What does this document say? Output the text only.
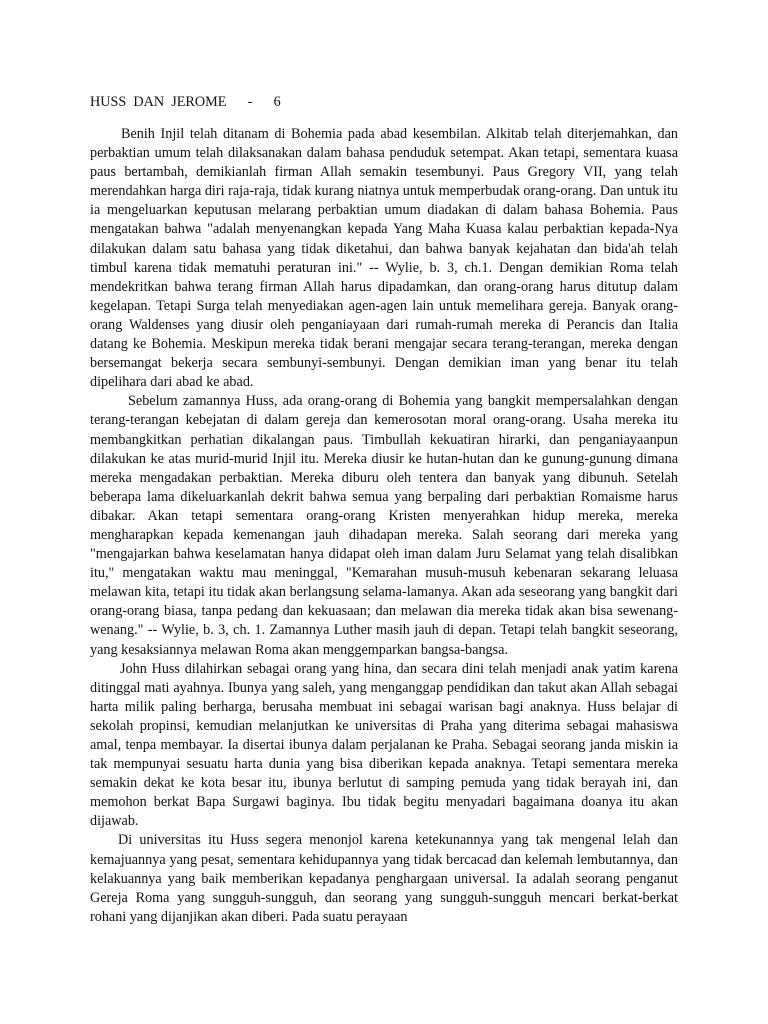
HUSS  DAN  JEROME - 6

Benih Injil telah ditanam di Bohemia pada abad kesembilan. Alkitab telah diterjemahkan, dan perbaktian umum telah dilaksanakan dalam bahasa penduduk setempat. Akan tetapi, sementara kuasa paus bertambah, demikianlah firman Allah semakin tesembunyi. Paus Gregory VII, yang telah merendahkan harga diri raja-raja, tidak kurang niatnya untuk memperbudak orang-orang. Dan untuk itu ia mengeluarkan keputusan melarang perbaktian umum diadakan di dalam bahasa Bohemia. Paus mengatakan bahwa "adalah menyenangkan kepada Yang Maha Kuasa kalau perbaktian kepada-Nya dilakukan dalam satu bahasa yang tidak diketahui, dan bahwa banyak kejahatan dan bida'ah telah timbul karena tidak mematuhi peraturan ini." -- Wylie, b. 3, ch.1. Dengan demikian Roma telah mendekritkan bahwa terang firman Allah harus dipadamkan, dan orang-orang harus ditutup dalam kegelapan. Tetapi Surga telah menyediakan agen-agen lain untuk memelihara gereja. Banyak orang-orang Waldenses yang diusir oleh penganiayaan dari rumah-rumah mereka di Perancis dan Italia datang ke Bohemia. Meskipun mereka tidak berani mengajar secara terang-terangan, mereka dengan bersemangat bekerja secara sembunyi-sembunyi. Dengan demikian iman yang benar itu telah dipelihara dari abad ke abad.

Sebelum zamannya Huss, ada orang-orang di Bohemia yang bangkit mempersalahkan dengan terang-terangan kebejatan di dalam gereja dan kemerosotan moral orang-orang. Usaha mereka itu membangkitkan perhatian dikalangan paus. Timbullah kekuatiran hirarki, dan penganiayaanpun dilakukan ke atas murid-murid Injil itu. Mereka diusir ke hutan-hutan dan ke gunung-gunung dimana mereka mengadakan perbaktian. Mereka diburu oleh tentera dan banyak yang dibunuh. Setelah beberapa lama dikeluarkanlah dekrit bahwa semua yang berpaling dari perbaktian Romaisme harus dibakar. Akan tetapi sementara orang-orang Kristen menyerahkan hidup mereka, mereka mengharapkan kepada kemenangan jauh dihadapan mereka. Salah seorang dari mereka yang "mengajarkan bahwa keselamatan hanya didapat oleh iman dalam Juru Selamat yang telah disalibkan itu," mengatakan waktu mau meninggal, "Kemarahan musuh-musuh kebenaran sekarang leluasa melawan kita, tetapi itu tidak akan berlangsung selama-lamanya. Akan ada seseorang yang bangkit dari orang-orang biasa, tanpa pedang dan kekuasaan; dan melawan dia mereka tidak akan bisa sewenang-wenang." -- Wylie, b. 3, ch. 1. Zamannya Luther masih jauh di depan. Tetapi telah bangkit seseorang, yang kesaksiannya melawan Roma akan menggemparkan bangsa-bangsa.

John Huss dilahirkan sebagai orang yang hina, dan secara dini telah menjadi anak yatim karena ditinggal mati ayahnya. Ibunya yang saleh, yang menganggap pendidikan dan takut akan Allah sebagai harta milik paling berharga, berusaha membuat ini sebagai warisan bagi anaknya. Huss belajar di sekolah propinsi, kemudian melanjutkan ke universitas di Praha yang diterima sebagai mahasiswa amal, tenpa membayar. Ia disertai ibunya dalam perjalanan ke Praha. Sebagai seorang janda miskin ia tak mempunyai sesuatu harta dunia yang bisa diberikan kepada anaknya. Tetapi sementara mereka semakin dekat ke kota besar itu, ibunya berlutut di samping pemuda yang tidak berayah ini, dan memohon berkat Bapa Surgawi baginya. Ibu tidak begitu menyadari bagaimana doanya itu akan dijawab.

Di universitas itu Huss segera menonjol karena ketekunannya yang tak mengenal lelah dan kemajuannya yang pesat, sementara kehidupannya yang tidak bercacad dan kelemah lembutannya, dan kelakuannya yang baik memberikan kepadanya penghargaan universal. Ia adalah seorang penganut Gereja Roma yang sungguh-sungguh, dan seorang yang sungguh-sungguh mencari berkat-berkat rohani yang dijanjikan akan diberi. Pada suatu perayaan
